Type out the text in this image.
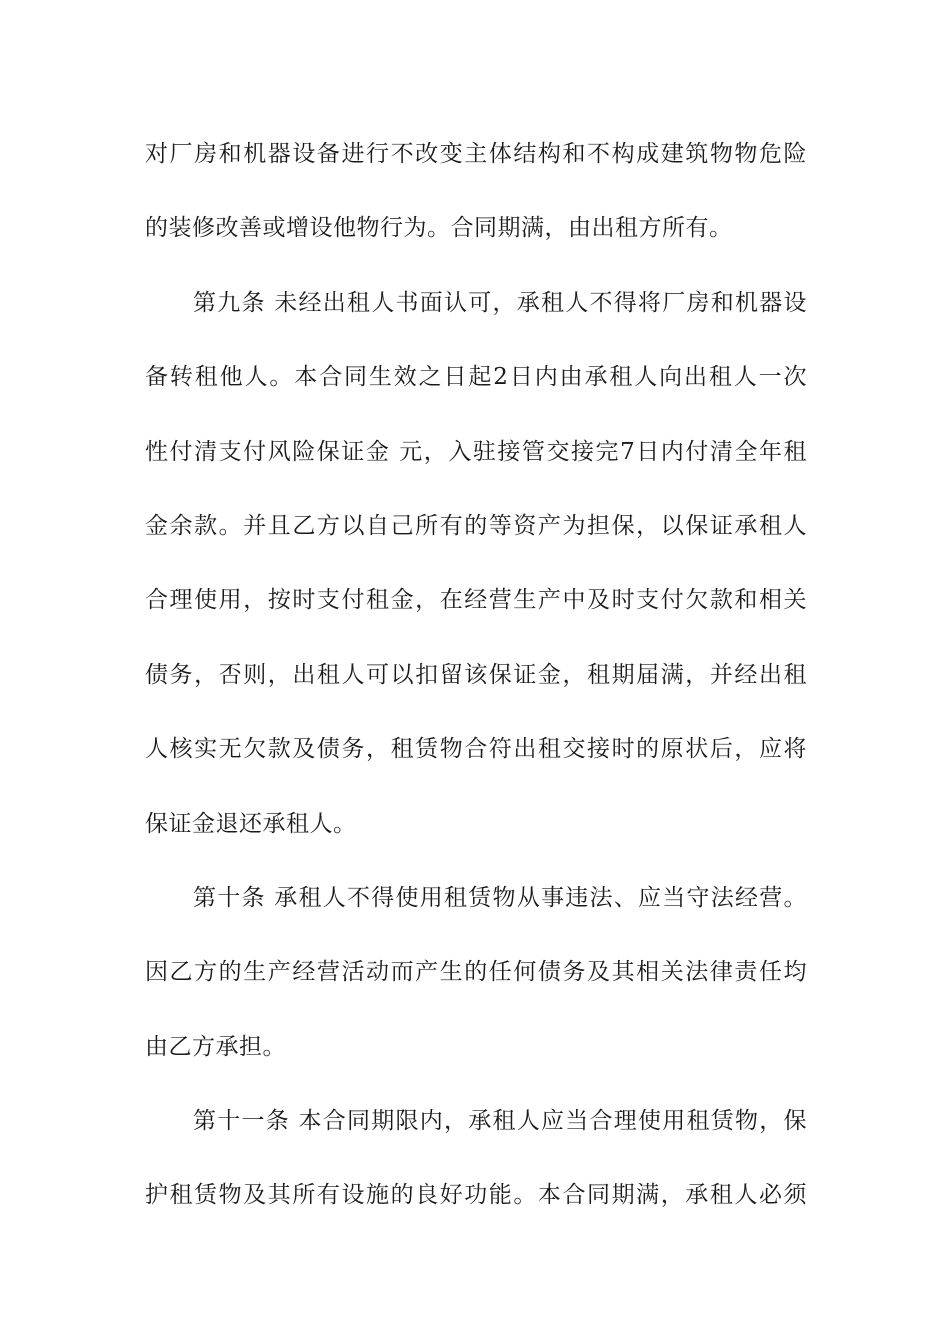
对厂房和机器设备进行不改变主体结构和不构成建筑物物危险
的装修改善或增设他物行为。合同期满，由出租方所有。
第九条 未经出租人书面认可，承租人不得将厂房和机器设
备转租他人。本合同生效之日起2日内由承租人向出租人一次
性付清支付风险保证金 元，入驻接管交接完7日内付清全年租
金余款。并且乙方以自己所有的等资产为担保，以保证承租人
合理使用，按时支付租金，在经营生产中及时支付欠款和相关
债务，否则，出租人可以扣留该保证金，租期届满，并经出租
人核实无欠款及债务，租赁物合符出租交接时的原状后，应将
保证金退还承租人。
第十条 承租人不得使用租赁物从事违法、应当守法经营。
因乙方的生产经营活动而产生的任何债务及其相关法律责任均
由乙方承担。
第十一条 本合同期限内，承租人应当合理使用租赁物，保
护租赁物及其所有设施的良好功能。本合同期满，承租人必须
